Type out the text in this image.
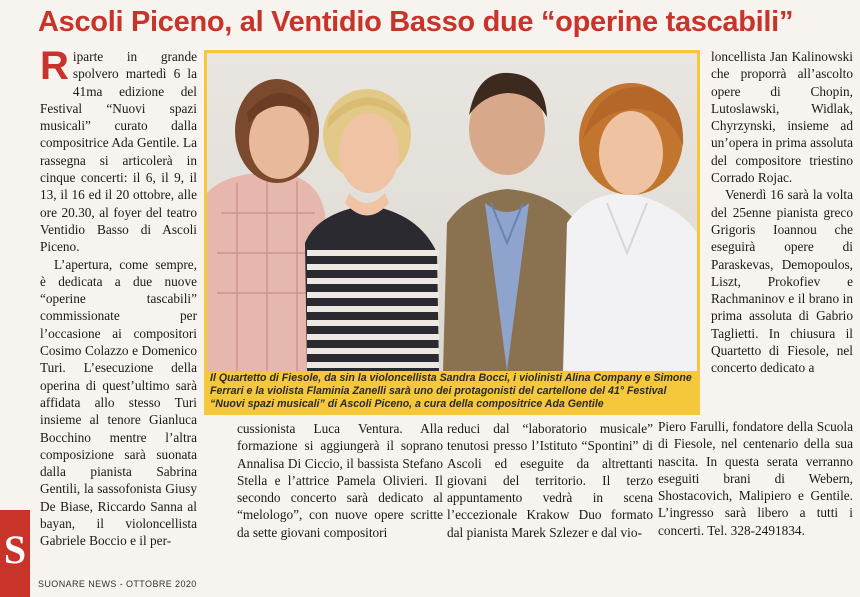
Ascoli Piceno, al Ventidio Basso due “operine tascabili”

Riparte in grande spolvero martedì 6 la 41ma edizione del Festival “Nuovi spazi musicali” curato dalla compositrice Ada Gentile. La rassegna si articolerà in cinque concerti: il 6, il 9, il 13, il 16 ed il 20 ottobre, alle ore 20.30, al foyer del teatro Ventidio Basso di Ascoli Piceno.

L’apertura, come sempre, è dedicata a due nuove “operine tascabili” commissionate per l’occasione ai compositori Cosimo Colazzo e Domenico Turi. L’esecuzione della operina di quest’ultimo sarà affidata allo stesso Turi insieme al tenore Gianluca Bocchino mentre l’altra composizione sarà suonata dalla pianista Sabrina Gentili, la sassofonista Giusy De Biase, Riccardo Sanna al bayan, il violoncellista Gabriele Boccio e il per-

Il Quartetto di Fiesole, da sin la violoncellista Sandra Bocci, i violinisti Alina Company e Simone Ferrari e la violista Flaminia Zanelli sarà uno dei protagonisti del cartellone del 41° Festival “Nuovi spazi musicali” di Ascoli Piceno, a cura della compositrice Ada Gentile

loncellista Jan Kalinowski che proporrà all’ascolto opere di Chopin, Lutoslawski, Widlak, Chyrzynski, insieme ad un’opera in prima assoluta del compositore triestino Corrado Rojac.

Venerdì 16 sarà la volta del 25enne pianista greco Grigoris Ioannou che eseguirà opere di Paraskevas, Demopoulos, Liszt, Prokofiev e Rachmaninov e il brano in prima assoluta di Gabrio Taglietti. In chiusura il Quartetto di Fiesole, nel concerto dedicato a

cussionista Luca Ventura. Alla formazione si aggiungerà il soprano Annalisa Di Ciccio, il bassista Stefano Stella e l’attrice Pamela Olivieri. Il secondo concerto sarà dedicato al “melologo”, con nuove opere scritte da sette giovani compositori

reduci dal “laboratorio musicale” tenutosi presso l’Istituto “Spontini” di Ascoli ed eseguite da altrettanti giovani del territorio. Il terzo appuntamento vedrà in scena l’eccezionale Krakow Duo formato dal pianista Marek Szlezer e dal vio-

Piero Farulli, fondatore della Scuola di Fiesole, nel centenario della sua nascita. In questa serata verranno eseguiti brani di Webern, Shostacovich, Malipiero e Gentile. L’ingresso sarà libero a tutti i concerti. Tel. 328-2491834.

S
SUONARE NEWS - OTTOBRE 2020
